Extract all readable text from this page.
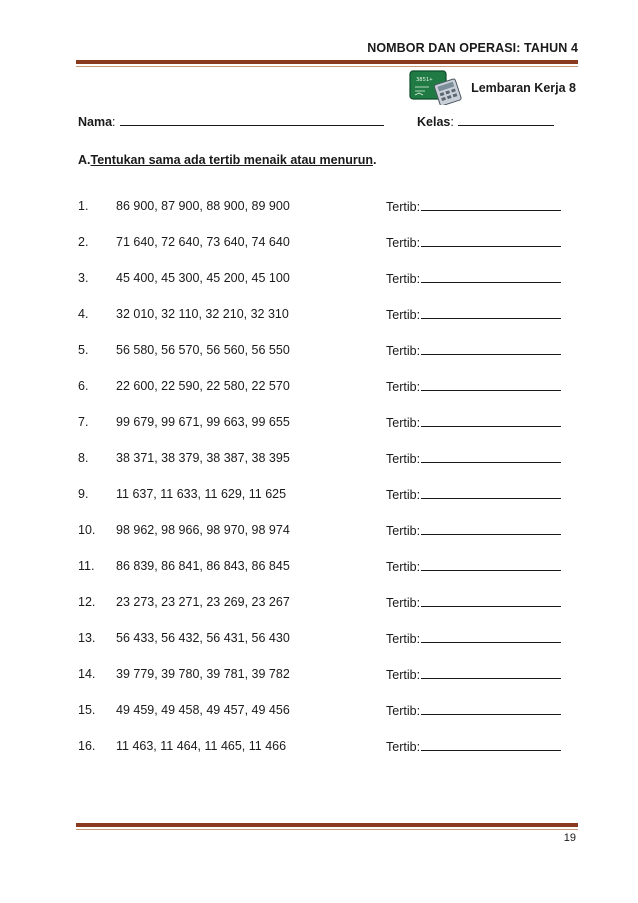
NOMBOR DAN OPERASI: TAHUN 4
3851+
Lembaran Kerja 8
Nama:	Kelas:
A.Tentukan sama ada tertib menaik atau menurun.
1. 86 900, 87 900, 88 900, 89 900	Tertib:
2. 71 640, 72 640, 73 640, 74 640	Tertib:
3. 45 400, 45 300, 45 200, 45 100	Tertib:
4. 32 010, 32 110, 32 210, 32 310	Tertib:
5. 56 580, 56 570, 56 560, 56 550	Tertib:
6. 22 600, 22 590, 22 580, 22 570	Tertib:
7. 99 679, 99 671, 99 663, 99 655	Tertib:
8. 38 371, 38 379, 38 387, 38 395	Tertib:
9. 11 637, 11 633, 11 629, 11 625	Tertib:
10. 98 962, 98 966, 98 970, 98 974	Tertib:
11. 86 839, 86 841, 86 843, 86 845	Tertib:
12. 23 273, 23 271, 23 269, 23 267	Tertib:
13. 56 433, 56 432, 56 431, 56 430	Tertib:
14. 39 779, 39 780, 39 781, 39 782	Tertib:
15. 49 459, 49 458, 49 457, 49 456	Tertib:
16. 11 463, 11 464, 11 465, 11 466	Tertib:
19
